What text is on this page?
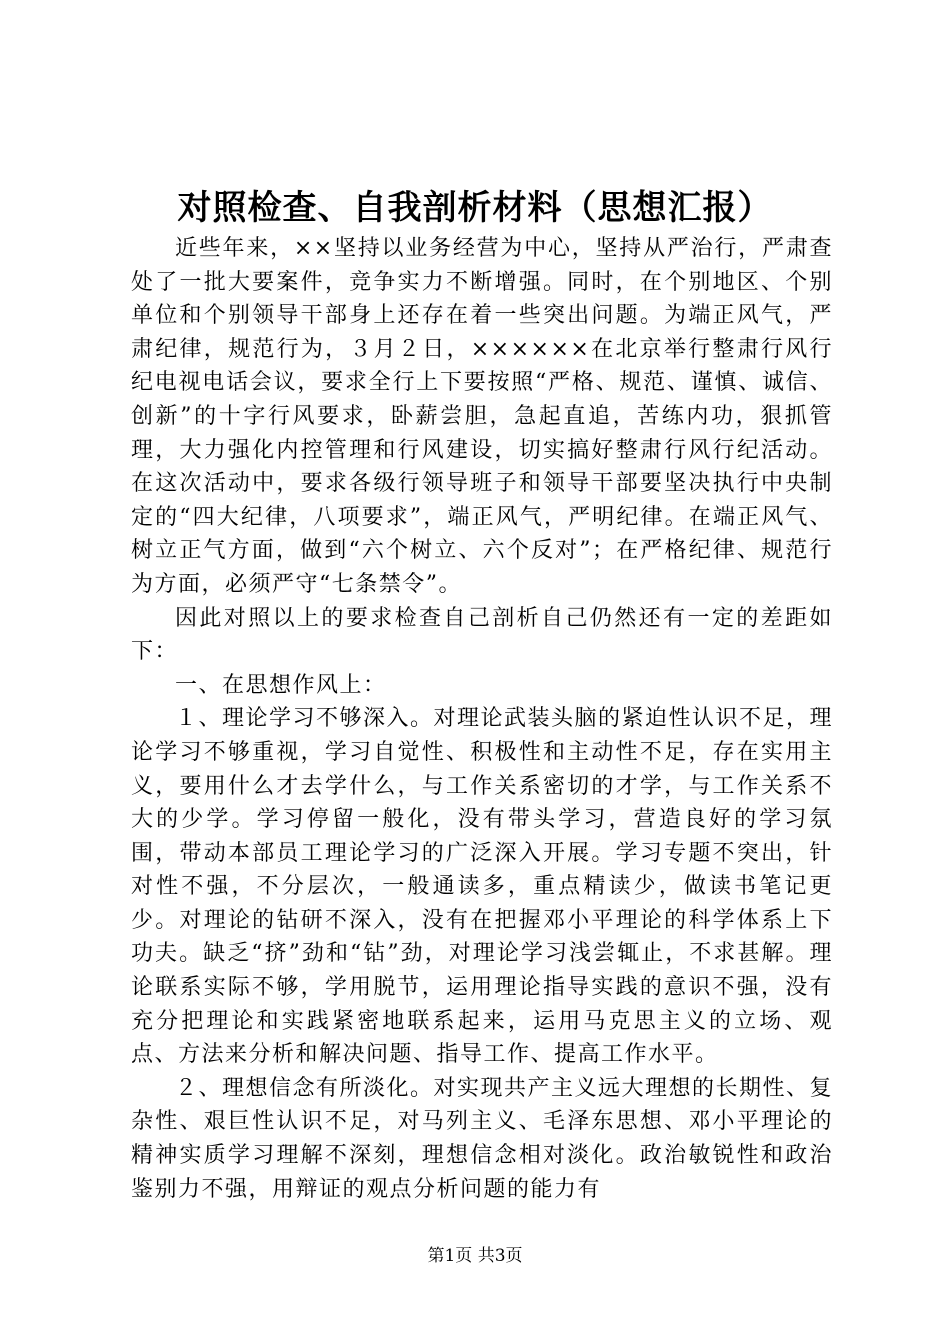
对照检查、自我剖析材料（思想汇报）

近些年来，××坚持以业务经营为中心，坚持从严治行，严肃查处了一批大要案件，竞争实力不断增强。同时，在个别地区、个别单位和个别领导干部身上还存在着一些突出问题。为端正风气，严肃纪律，规范行为，３月２日，××××××在北京举行整肃行风行纪电视电话会议，要求全行上下要按照“严格、规范、谨慎、诚信、创新”的十字行风要求，卧薪尝胆，急起直追，苦练内功，狠抓管理，大力强化内控管理和行风建设，切实搞好整肃行风行纪活动。在这次活动中，要求各级行领导班子和领导干部要坚决执行中央制定的“四大纪律，八项要求”，端正风气，严明纪律。在端正风气、树立正气方面，做到“六个树立、六个反对”；在严格纪律、规范行为方面，必须严守“七条禁令”。

因此对照以上的要求检查自己剖析自己仍然还有一定的差距如下：

一、在思想作风上：

１、理论学习不够深入。对理论武装头脑的紧迫性认识不足，理论学习不够重视，学习自觉性、积极性和主动性不足，存在实用主义，要用什么才去学什么，与工作关系密切的才学，与工作关系不大的少学。学习停留一般化，没有带头学习，营造良好的学习氛围，带动本部员工理论学习的广泛深入开展。学习专题不突出，针对性不强，不分层次，一般通读多，重点精读少，做读书笔记更少。对理论的钻研不深入，没有在把握邓小平理论的科学体系上下功夫。缺乏“挤”劲和“钻”劲，对理论学习浅尝辄止，不求甚解。理论联系实际不够，学用脱节，运用理论指导实践的意识不强，没有充分把理论和实践紧密地联系起来，运用马克思主义的立场、观点、方法来分析和解决问题、指导工作、提高工作水平。

２、理想信念有所淡化。对实现共产主义远大理想的长期性、复杂性、艰巨性认识不足，对马列主义、毛泽东思想、邓小平理论的精神实质学习理解不深刻，理想信念相对淡化。政治敏锐性和政治鉴别力不强，用辩证的观点分析问题的能力有

第1页 共3页
